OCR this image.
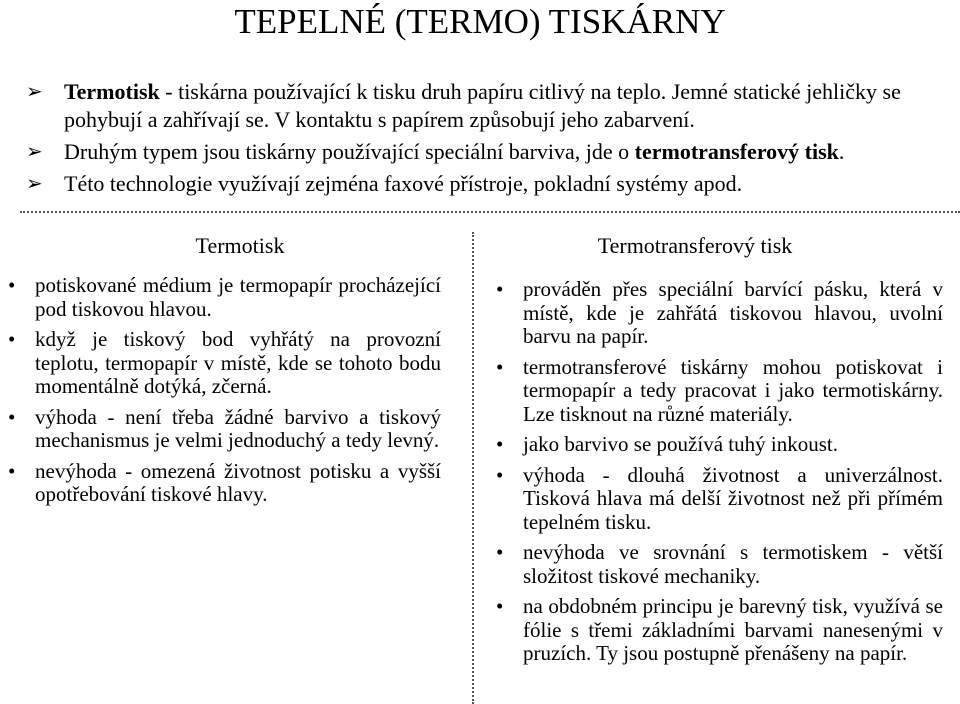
TEPELNÉ (TERMO) TISKÁRNY
➢ Termotisk - tiskárna používající k tisku druh papíru citlivý na teplo. Jemné statické jehličky se pohybují a zahřívají se. V kontaktu s papírem způsobují jeho zabarvení.
➢ Druhým typem jsou tiskárny používající speciální barviva, jde o termotransferový tisk.
➢ Této technologie využívají zejména faxové přístroje, pokladní systémy apod.
Termotisk
• potiskované médium je termopapír procházející pod tiskovou hlavou.
• když je tiskový bod vyhřátý na provozní teplotu, termopapír v místě, kde se tohoto bodu momentálně dotýká, zčerná.
• výhoda - není třeba žádné barvivo a tiskový mechanismus je velmi jednoduchý a tedy levný.
• nevýhoda - omezená životnost potisku a vyšší opotřebování tiskové hlavy.
Termotransferový tisk
• prováděn přes speciální barvící pásku, která v místě, kde je zahřátá tiskovou hlavou, uvolní barvu na papír.
• termotransferové tiskárny mohou potiskovat i termopapír a tedy pracovat i jako termotiskárny. Lze tisknout na různé materiály.
• jako barvivo se používá tuhý inkoust.
• výhoda - dlouhá životnost a univerzálnost. Tisková hlava má delší životnost než při přímém tepelném tisku.
• nevýhoda ve srovnání s termotiskem - větší složitost tiskové mechaniky.
• na obdobném principu je barevný tisk, využívá se fólie s třemi základními barvami nanesenými v pruzích. Ty jsou postupně přenášeny na papír.
